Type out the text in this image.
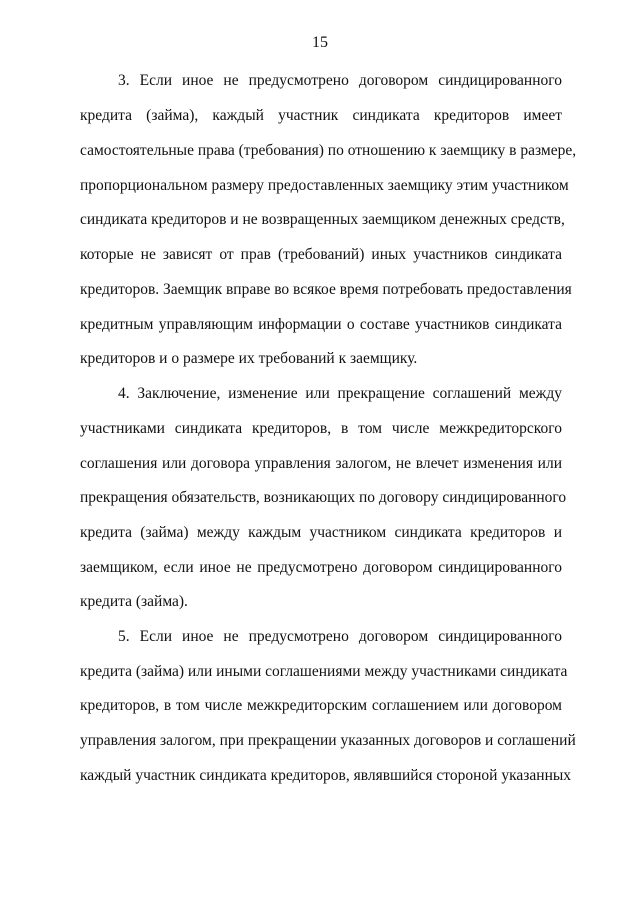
15
3. Если иное не предусмотрено договором синдицированного
кредита (займа), каждый участник синдиката кредиторов имеет
самостоятельные права (требования) по отношению к заемщику в размере,
пропорциональном размеру предоставленных заемщику этим участником
синдиката кредиторов и не возвращенных заемщиком денежных средств,
которые не зависят от прав (требований) иных участников синдиката
кредиторов. Заемщик вправе во всякое время потребовать предоставления
кредитным управляющим информации о составе участников синдиката
кредиторов и о размере их требований к заемщику.
4. Заключение, изменение или прекращение соглашений между
участниками синдиката кредиторов, в том числе межкредиторского
соглашения или договора управления залогом, не влечет изменения или
прекращения обязательств, возникающих по договору синдицированного
кредита (займа) между каждым участником синдиката кредиторов и
заемщиком, если иное не предусмотрено договором синдицированного
кредита (займа).
5. Если иное не предусмотрено договором синдицированного
кредита (займа) или иными соглашениями между участниками синдиката
кредиторов, в том числе межкредиторским соглашением или договором
управления залогом, при прекращении указанных договоров и соглашений
каждый участник синдиката кредиторов, являвшийся стороной указанных
